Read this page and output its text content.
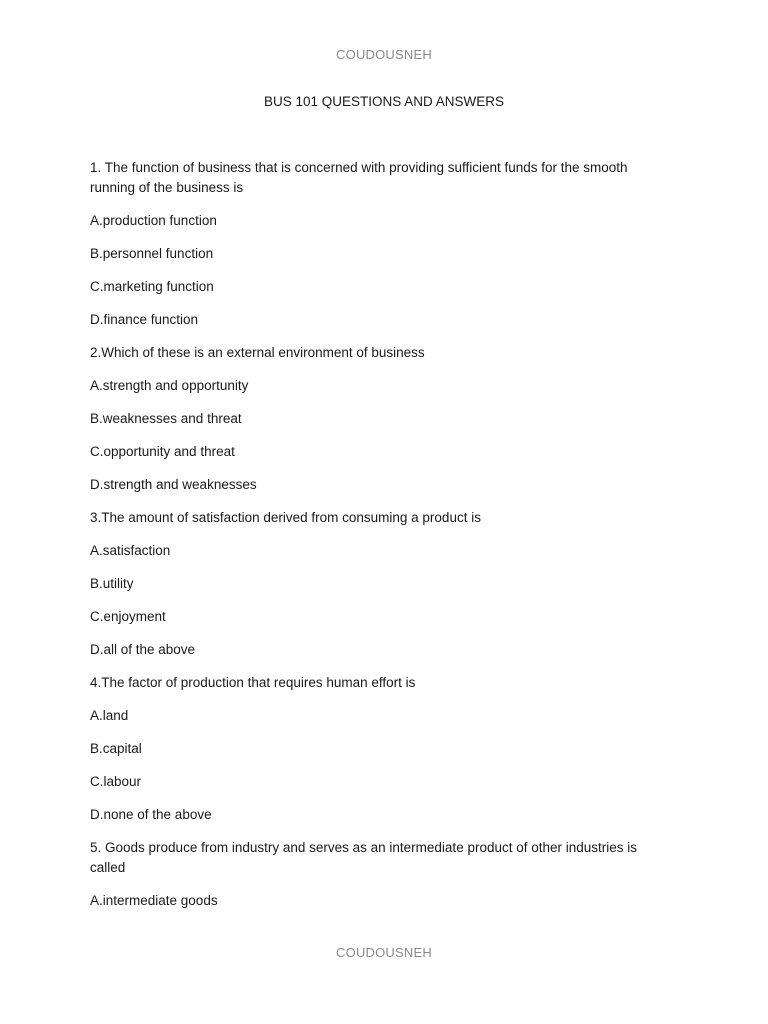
COUDOUSNEH
BUS 101 QUESTIONS AND ANSWERS

1. The function of business that is concerned with providing sufficient funds for the smooth running of the business is

A.production function

B.personnel function

C.marketing function

D.finance function

2.Which of these is an external environment of business

A.strength and opportunity

B.weaknesses and threat

C.opportunity and threat

D.strength and weaknesses

3.The amount of satisfaction derived from consuming a product is

A.satisfaction

B.utility

C.enjoyment

D.all of the above

4.The factor of production that requires human effort is

A.land

B.capital

C.labour

D.none of the above

5. Goods produce from industry and serves as an intermediate product of other industries is called

A.intermediate goods

COUDOUSNEH
